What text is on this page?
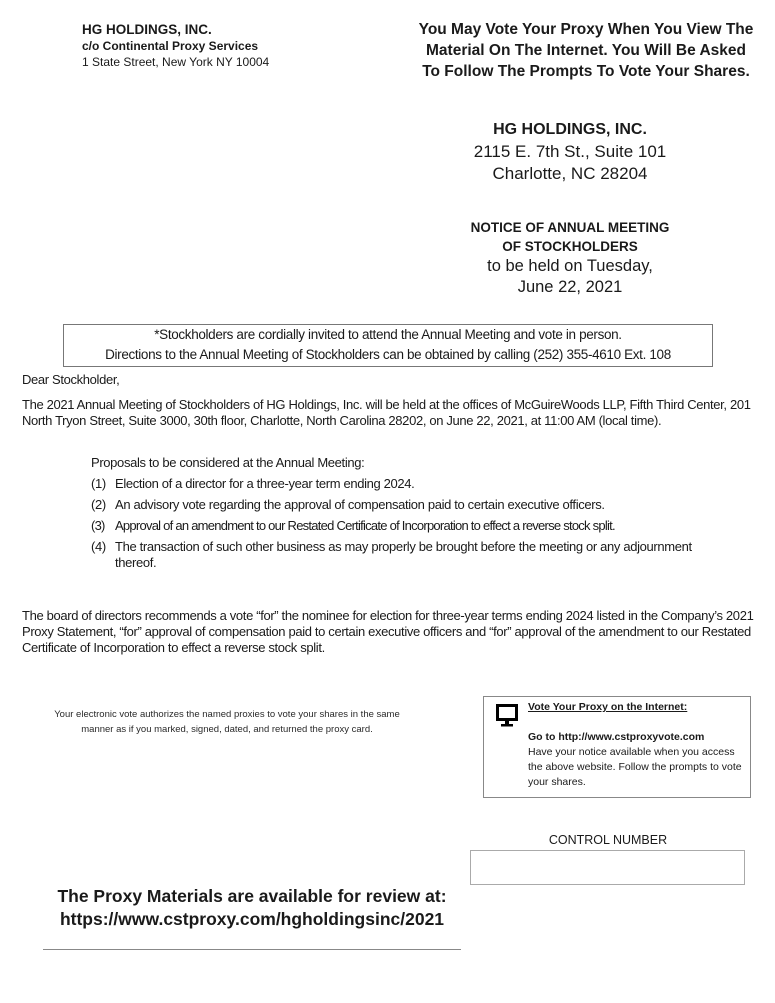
HG HOLDINGS, INC.
c/o Continental Proxy Services
1 State Street, New York NY 10004
You May Vote Your Proxy When You View The
Material On The Internet. You Will Be Asked
To Follow The Prompts To Vote Your Shares.
HG HOLDINGS, INC.
2115 E. 7th St., Suite 101
Charlotte, NC 28204
NOTICE OF ANNUAL MEETING
OF STOCKHOLDERS
to be held on Tuesday,
June 22, 2021
*Stockholders are cordially invited to attend the Annual Meeting and vote in person.
Directions to the Annual Meeting of Stockholders can be obtained by calling (252) 355-4610 Ext. 108
Dear Stockholder,
The 2021 Annual Meeting of Stockholders of HG Holdings, Inc. will be held at the offices of McGuireWoods LLP, Fifth Third Center, 201 North Tryon Street, Suite 3000, 30th floor, Charlotte, North Carolina 28202, on June 22, 2021, at 11:00 AM (local time).
Proposals to be considered at the Annual Meeting:
(1) Election of a director for a three-year term ending 2024.
(2) An advisory vote regarding the approval of compensation paid to certain executive officers.
(3) Approval of an amendment to our Restated Certificate of Incorporation to effect a reverse stock split.
(4) The transaction of such other business as may properly be brought before the meeting or any adjournment thereof.
The board of directors recommends a vote “for” the nominee for election for three-year terms ending 2024 listed in the Company’s 2021 Proxy Statement, “for” approval of compensation paid to certain executive officers and “for” approval of the amendment to our Restated Certificate of Incorporation to effect a reverse stock split.
Your electronic vote authorizes the named proxies to vote your shares in the same
manner as if you marked, signed, dated, and returned the proxy card.
Vote Your Proxy on the Internet:
Go to http://www.cstproxyvote.com
Have your notice available when you access the above website. Follow the prompts to vote your shares.
CONTROL NUMBER
The Proxy Materials are available for review at:
https://www.cstproxy.com/hgholdingsinc/2021
